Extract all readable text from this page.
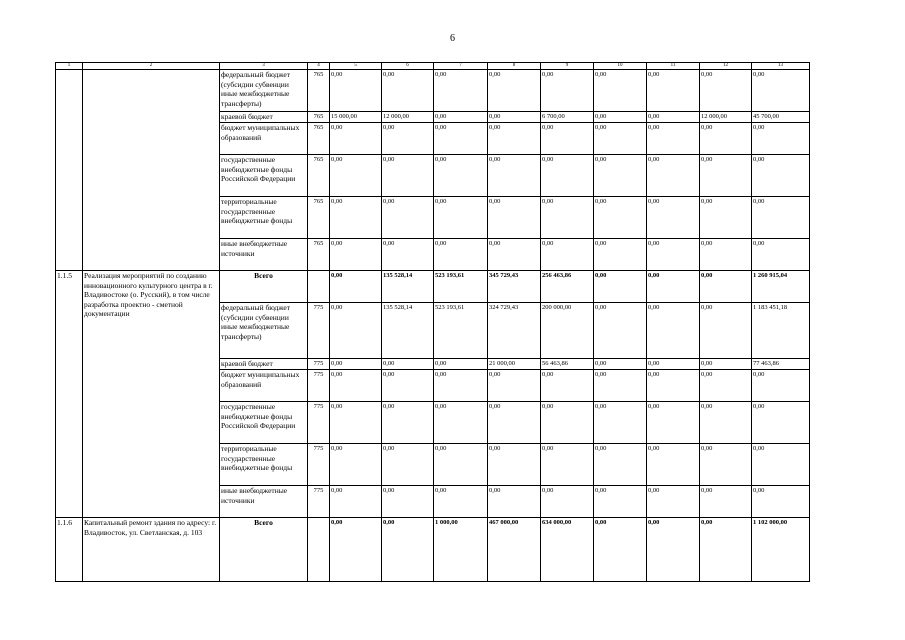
6
1	2	3	4	5	6	7	8	9	10	11	12	13
		федеральный бюджет (субсидии субвенции иные межбюджетные трансферты)	765	0,00	0,00	0,00	0,00	0,00	0,00	0,00	0,00	0,00
		краевой бюджет	765	15 000,00	12 000,00	0,00	0,00	6 700,00	0,00	0,00	12 000,00	45 700,00
		бюджет муниципальных образований	765	0,00	0,00	0,00	0,00	0,00	0,00	0,00	0,00	0,00
		государственные внебюджетные фонды Российской Федерации	765	0,00	0,00	0,00	0,00	0,00	0,00	0,00	0,00	0,00
		территориальные государственные внебюджетные фонды	765	0,00	0,00	0,00	0,00	0,00	0,00	0,00	0,00	0,00
		иные внебюджетные источники	765	0,00	0,00	0,00	0,00	0,00	0,00	0,00	0,00	0,00
1.1.5	Реализация мероприятий по созданию инновационного культурного центра в г. Владивостоке (о. Русский), в том числе разработка проектно - сметной документации	Всего		0,00	135 528,14	523 193,61	345 729,43	256 463,86	0,00	0,00	0,00	1 260 915,04
		федеральный бюджет (субсидии субвенции иные межбюджетные трансферты)	775	0,00	135 528,14	523 193,61	324 729,43	200 000,00	0,00	0,00	0,00	1 183 451,18
		краевой бюджет	775	0,00	0,00	0,00	21 000,00	56 463,86	0,00	0,00	0,00	77 463,86
		бюджет муниципальных образований	775	0,00	0,00	0,00	0,00	0,00	0,00	0,00	0,00	0,00
		государственные внебюджетные фонды Российской Федерации	775	0,00	0,00	0,00	0,00	0,00	0,00	0,00	0,00	0,00
		территориальные государственные внебюджетные фонды	775	0,00	0,00	0,00	0,00	0,00	0,00	0,00	0,00	0,00
		иные внебюджетные источники	775	0,00	0,00	0,00	0,00	0,00	0,00	0,00	0,00	0,00
1.1.6	Капитальный ремонт здания по адресу: г. Владивосток, ул. Светланская, д. 103	Всего		0,00	0,00	1 000,00	467 000,00	634 000,00	0,00	0,00	0,00	1 102 000,00
